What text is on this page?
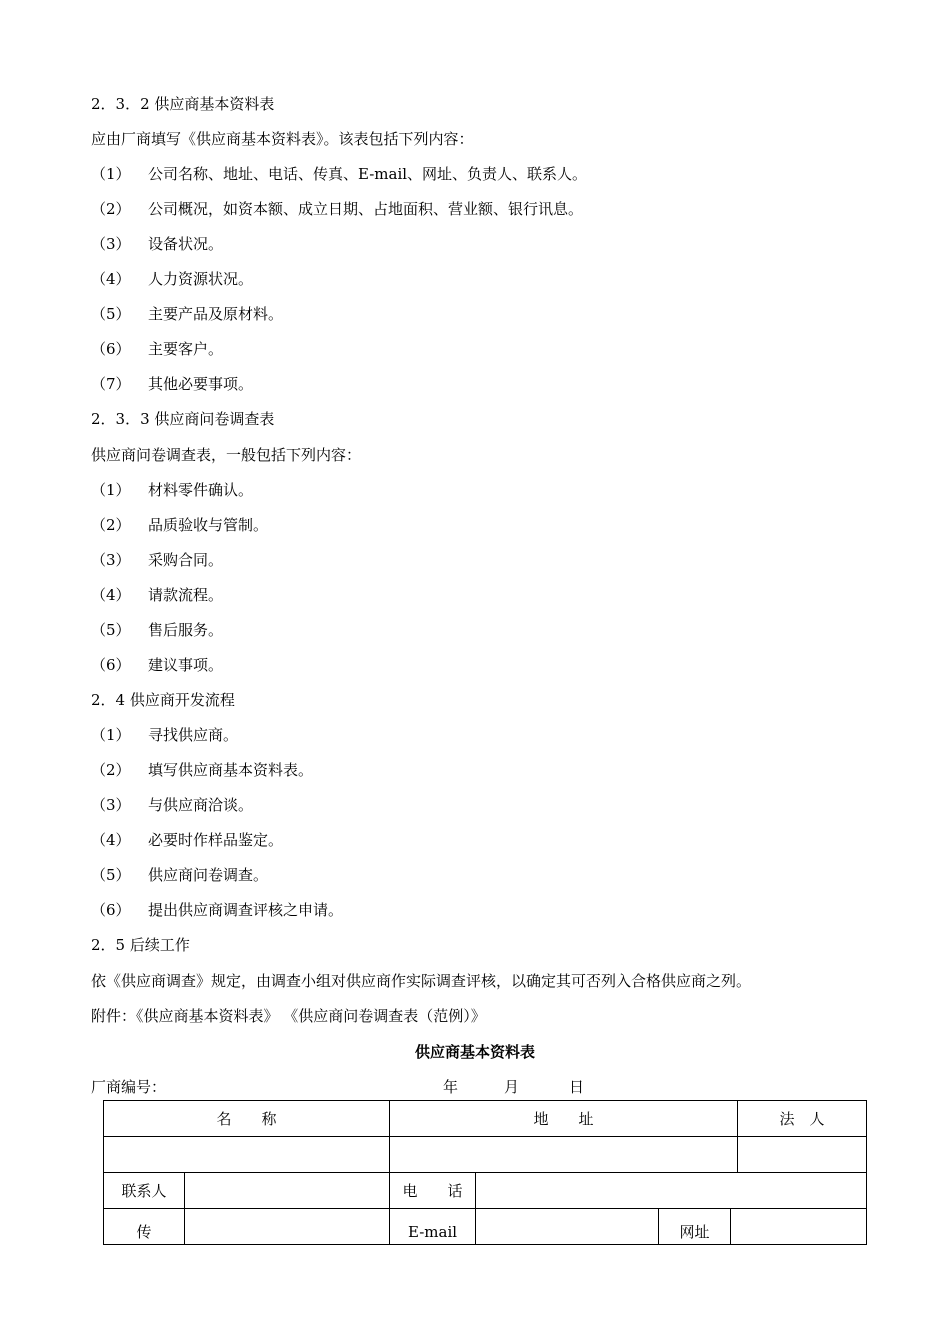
2．3．2 供应商基本资料表
应由厂商填写《供应商基本资料表》。该表包括下列内容：
（1） 公司名称、地址、电话、传真、E-mail、网址、负责人、联系人。
（2） 公司概况，如资本额、成立日期、占地面积、营业额、银行讯息。
（3） 设备状况。
（4） 人力资源状况。
（5） 主要产品及原材料。
（6） 主要客户。
（7） 其他必要事项。
2．3．3 供应商问卷调查表
供应商问卷调查表，一般包括下列内容：
（1） 材料零件确认。
（2） 品质验收与管制。
（3） 采购合同。
（4） 请款流程。
（5） 售后服务。
（6） 建议事项。
2．4 供应商开发流程
（1） 寻找供应商。
（2） 填写供应商基本资料表。
（3） 与供应商洽谈。
（4） 必要时作样品鉴定。
（5） 供应商问卷调查。
（6） 提出供应商调查评核之申请。
2．5 后续工作
依《供应商调查》规定，由调查小组对供应商作实际调查评核，以确定其可否列入合格供应商之列。
附件：《供应商基本资料表》 《供应商问卷调查表（范例）》
供应商基本资料表
厂商编号：	年	月	日
名　　称		地　　址				法　人

联系人		电　　话				
传		E-mail		网址		
